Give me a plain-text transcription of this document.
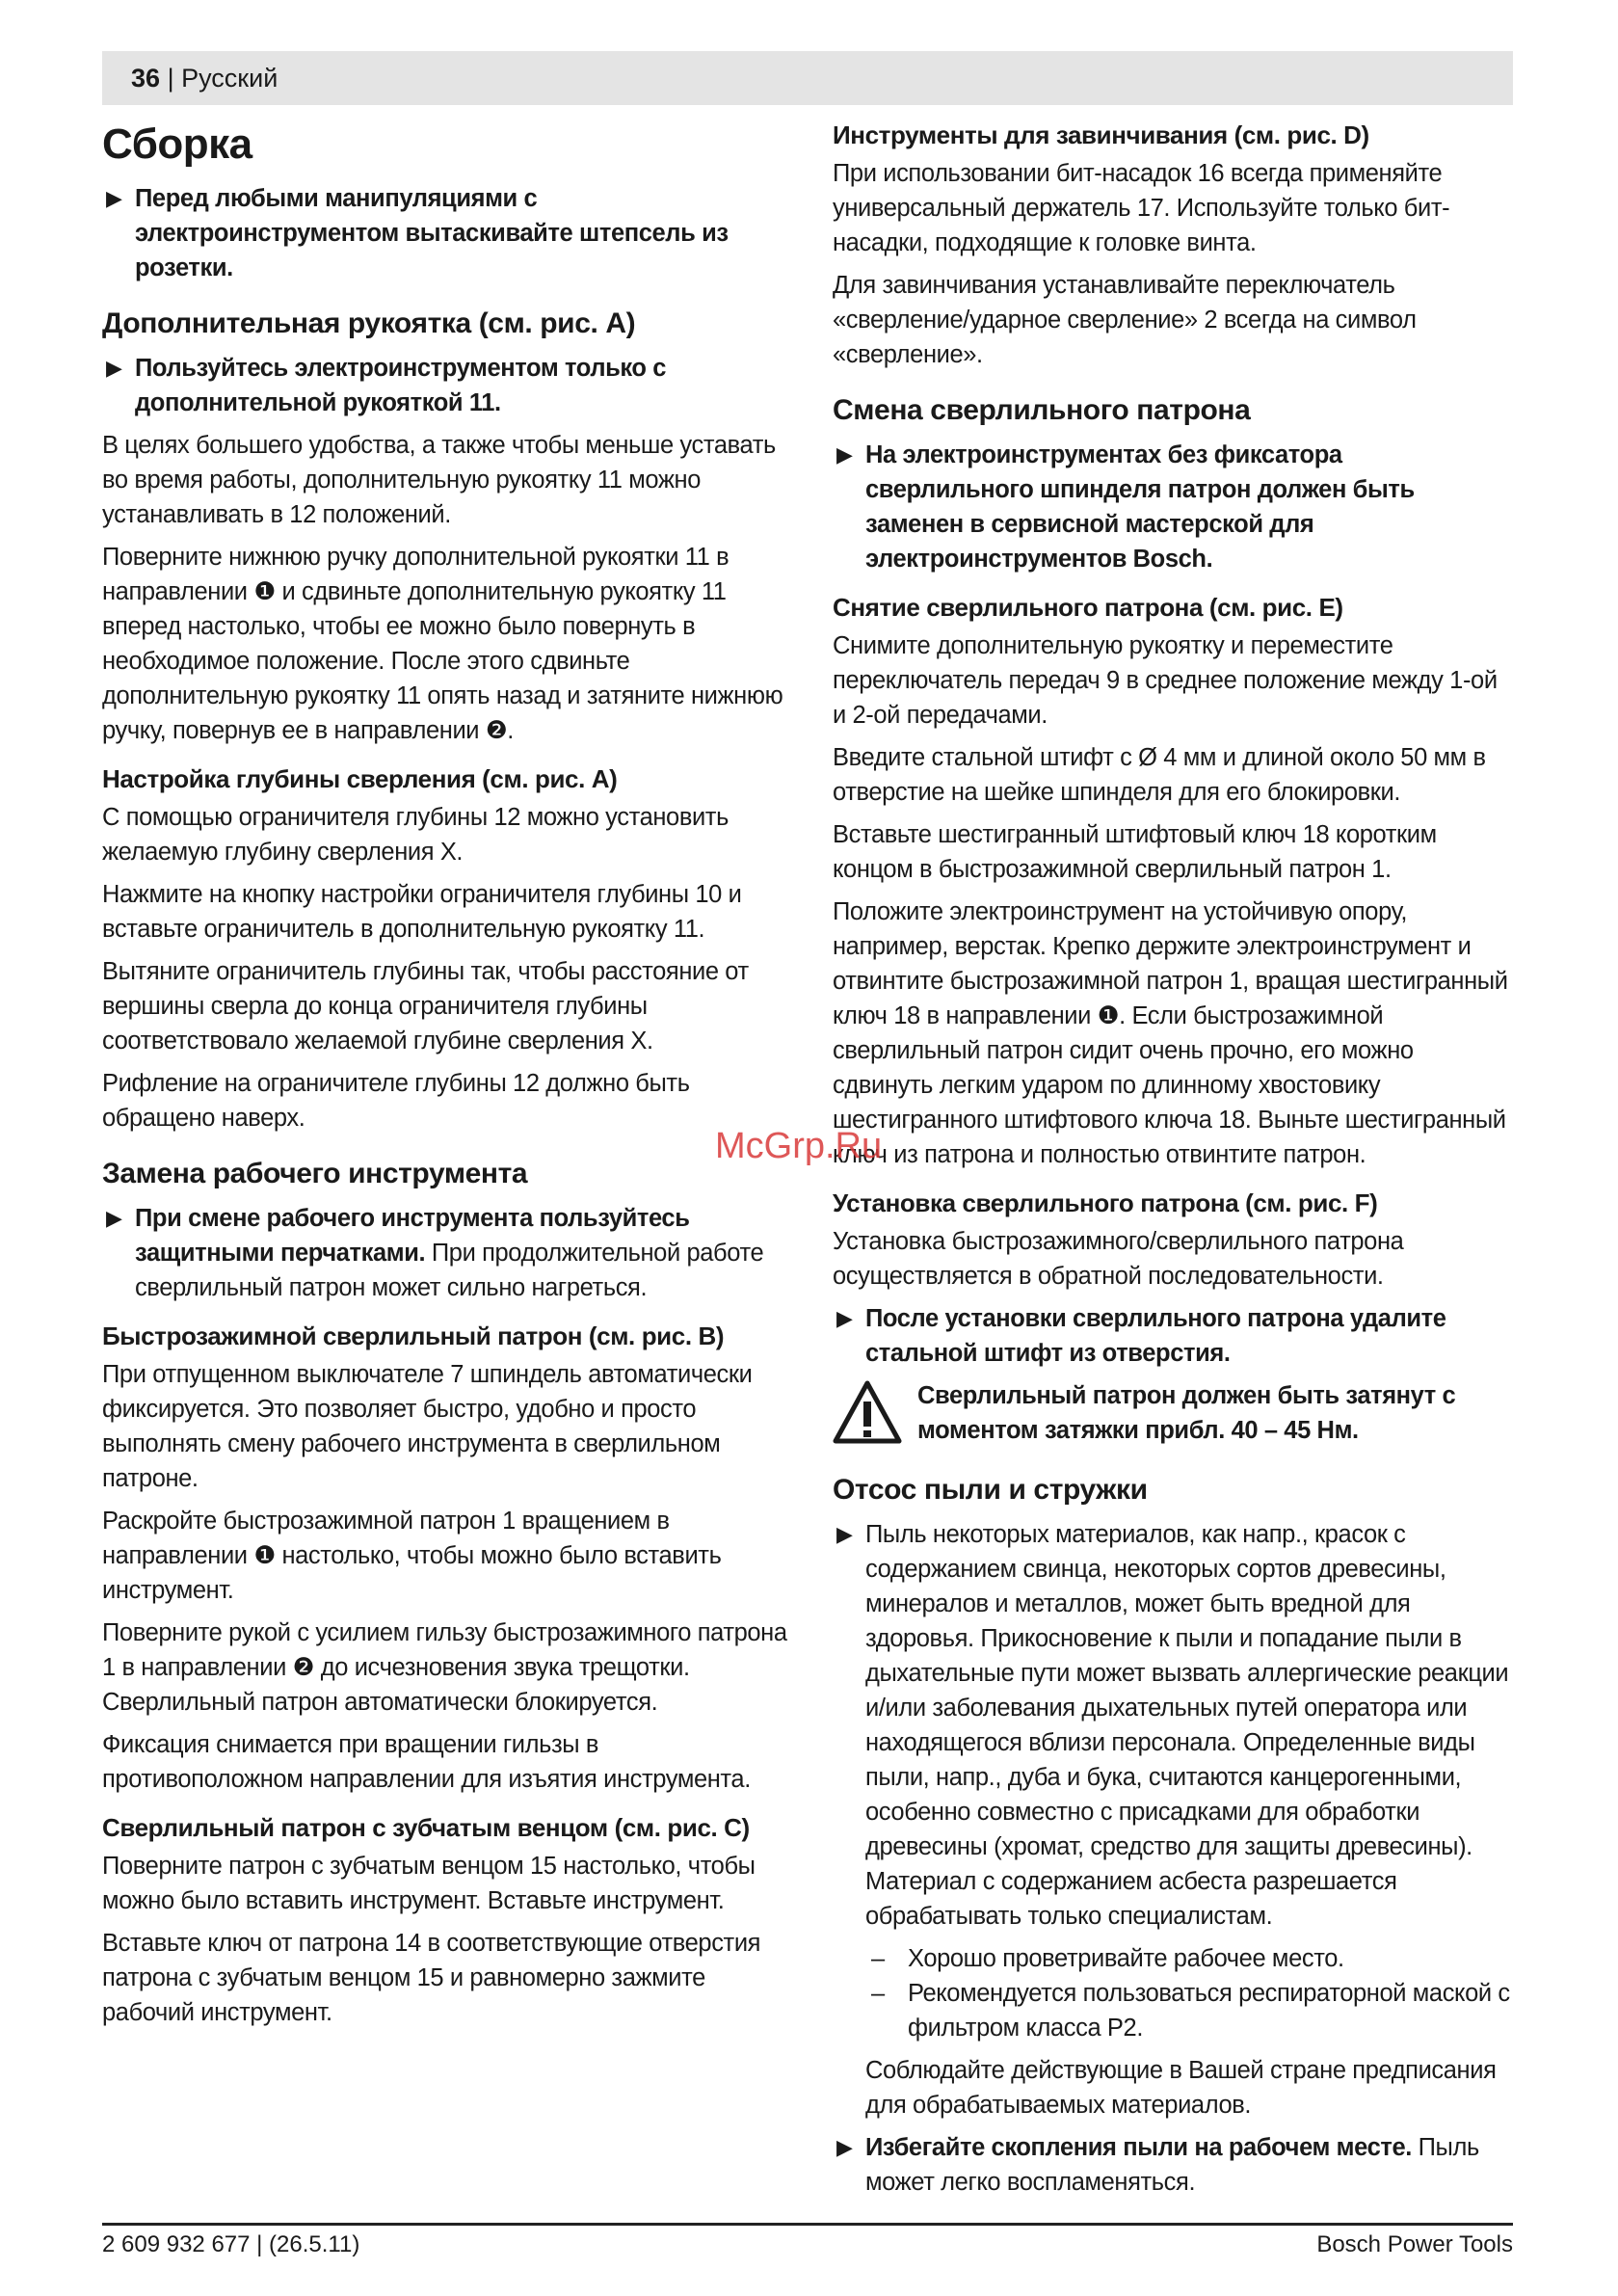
36 | Русский
Сборка
▶ Перед любыми манипуляциями с электроинструментом вытаскивайте штепсель из розетки.
Дополнительная рукоятка (см. рис. A)
▶ Пользуйтесь электроинструментом только с дополнительной рукояткой 11.

В целях большего удобства, а также чтобы меньше уставать во время работы, дополнительную рукоятку 11 можно устанавливать в 12 положений.

Поверните нижнюю ручку дополнительной рукоятки 11 в направлении ❶ и сдвиньте дополнительную рукоятку 11 вперед настолько, чтобы ее можно было повернуть в необходимое положение. После этого сдвиньте дополнительную рукоятку 11 опять назад и затяните нижнюю ручку, повернув ее в направлении ❷.

Настройка глубины сверления (см. рис. A)

С помощью ограничителя глубины 12 можно установить желаемую глубину сверления X.

Нажмите на кнопку настройки ограничителя глубины 10 и вставьте ограничитель в дополнительную рукоятку 11.

Вытяните ограничитель глубины так, чтобы расстояние от вершины сверла до конца ограничителя глубины соответствовало желаемой глубине сверления X.

Рифление на ограничителе глубины 12 должно быть обращено наверх.

Замена рабочего инструмента
▶ При смене рабочего инструмента пользуйтесь защитными перчатками. При продолжительной работе сверлильный патрон может сильно нагреться.
Быстрозажимной сверлильный патрон (см. рис. B)

При отпущенном выключателе 7 шпиндель автоматически фиксируется. Это позволяет быстро, удобно и просто выполнять смену рабочего инструмента в сверлильном патроне.

Раскройте быстрозажимной патрон 1 вращением в направлении ❶ настолько, чтобы можно было вставить инструмент.

Поверните рукой с усилием гильзу быстрозажимного патрона 1 в направлении ❷ до исчезновения звука трещотки. Сверлильный патрон автоматически блокируется.

Фиксация снимается при вращении гильзы в противоположном направлении для изъятия инструмента.

Сверлильный патрон с зубчатым венцом (см. рис. C)

Поверните патрон с зубчатым венцом 15 настолько, чтобы можно было вставить инструмент. Вставьте инструмент.

Вставьте ключ от патрона 14 в соответствующие отверстия патрона с зубчатым венцом 15 и равномерно зажмите рабочий инструмент.

Инструменты для завинчивания (см. рис. D)

При использовании бит-насадок 16 всегда применяйте универсальный держатель 17. Используйте только бит-насадки, подходящие к головке винта.

Для завинчивания устанавливайте переключатель «сверление/ударное сверление» 2 всегда на символ «сверление».

Смена сверлильного патрона
▶ На электроинструментах без фиксатора сверлильного шпинделя патрон должен быть заменен в сервисной мастерской для электроинструментов Bosch.
Снятие сверлильного патрона (см. рис. E)

Снимите дополнительную рукоятку и переместите переключатель передач 9 в среднее положение между 1-ой и 2-ой передачами.

Введите стальной штифт с Ø 4 мм и длиной около 50 мм в отверстие на шейке шпинделя для его блокировки.

Вставьте шестигранный штифтовый ключ 18 коротким концом в быстрозажимной сверлильный патрон 1.

Положите электроинструмент на устойчивую опору, например, верстак. Крепко держите электроинструмент и отвинтите быстрозажимной патрон 1, вращая шестигранный ключ 18 в направлении ❶. Если быстрозажимной сверлильный патрон сидит очень прочно, его можно сдвинуть легким ударом по длинному хвостовику шестигранного штифтового ключа 18. Выньте шестигранный ключ из патрона и полностью отвинтите патрон.

Установка сверлильного патрона (см. рис. F)

Установка быстрозажимного/сверлильного патрона осуществляется в обратной последовательности.

▶ После установки сверлильного патрона удалите стальной штифт из отверстия.
Сверлильный патрон должен быть затянут с моментом затяжки прибл. 40 – 45 Нм.
Отсос пыли и стружки
▶ Пыль некоторых материалов, как напр., красок с содержанием свинца, некоторых сортов древесины, минералов и металлов, может быть вредной для здоровья. Прикосновение к пыли и попадание пыли в дыхательные пути может вызвать аллергические реакции и/или заболевания дыхательных путей оператора или находящегося вблизи персонала. Определенные виды пыли, напр., дуба и бука, считаются канцерогенными, особенно совместно с присадками для обработки древесины (хромат, средство для защиты древесины). Материал с содержанием асбеста разрешается обрабатывать только специалистам.
– Хорошо проветривайте рабочее место.
– Рекомендуется пользоваться респираторной маской с фильтром класса P2.

Соблюдайте действующие в Вашей стране предписания для обрабатываемых материалов.

▶ Избегайте скопления пыли на рабочем месте. Пыль может легко воспламеняться.
McGrp.Ru
2 609 932 677 | (26.5.11)	Bosch Power Tools
